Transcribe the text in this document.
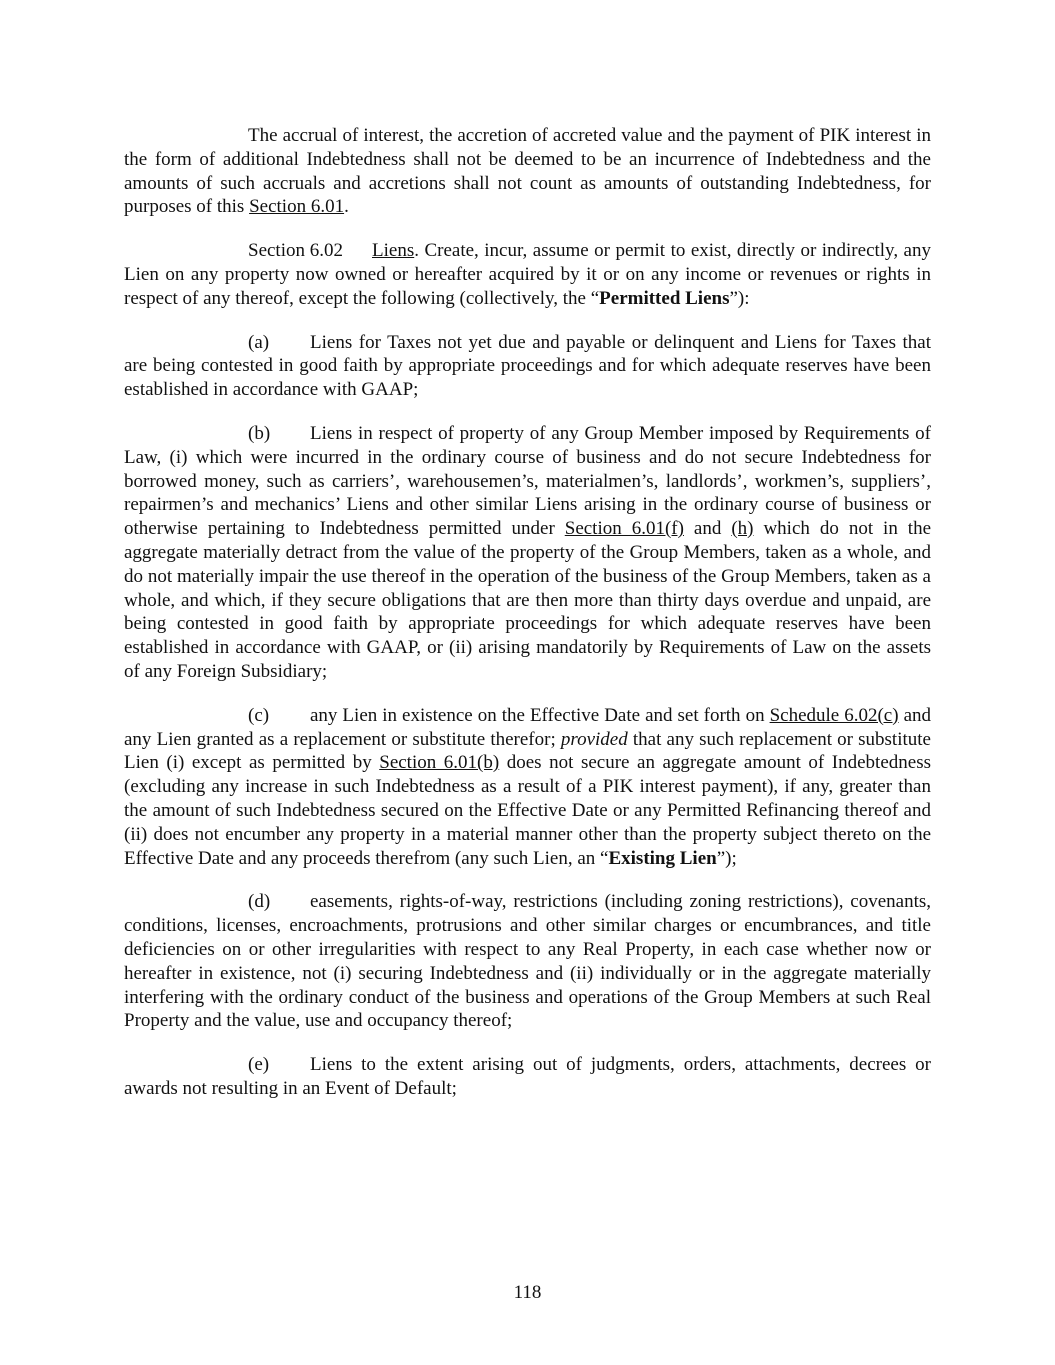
The accrual of interest, the accretion of accreted value and the payment of PIK interest in the form of additional Indebtedness shall not be deemed to be an incurrence of Indebtedness and the amounts of such accruals and accretions shall not count as amounts of outstanding Indebtedness, for purposes of this Section 6.01.

Section 6.02 Liens. Create, incur, assume or permit to exist, directly or indirectly, any Lien on any property now owned or hereafter acquired by it or on any income or revenues or rights in respect of any thereof, except the following (collectively, the “Permitted Liens”):

(a) Liens for Taxes not yet due and payable or delinquent and Liens for Taxes that are being contested in good faith by appropriate proceedings and for which adequate reserves have been established in accordance with GAAP;

(b) Liens in respect of property of any Group Member imposed by Requirements of Law, (i) which were incurred in the ordinary course of business and do not secure Indebtedness for borrowed money, such as carriers’, warehousemen’s, materialmen’s, landlords’, workmen’s, suppliers’, repairmen’s and mechanics’ Liens and other similar Liens arising in the ordinary course of business or otherwise pertaining to Indebtedness permitted under Section 6.01(f) and (h) which do not in the aggregate materially detract from the value of the property of the Group Members, taken as a whole, and do not materially impair the use thereof in the operation of the business of the Group Members, taken as a whole, and which, if they secure obligations that are then more than thirty days overdue and unpaid, are being contested in good faith by appropriate proceedings for which adequate reserves have been established in accordance with GAAP, or (ii) arising mandatorily by Requirements of Law on the assets of any Foreign Subsidiary;

(c) any Lien in existence on the Effective Date and set forth on Schedule 6.02(c) and any Lien granted as a replacement or substitute therefor; provided that any such replacement or substitute Lien (i) except as permitted by Section 6.01(b) does not secure an aggregate amount of Indebtedness (excluding any increase in such Indebtedness as a result of a PIK interest payment), if any, greater than the amount of such Indebtedness secured on the Effective Date or any Permitted Refinancing thereof and (ii) does not encumber any property in a material manner other than the property subject thereto on the Effective Date and any proceeds therefrom (any such Lien, an “Existing Lien”);

(d) easements, rights-of-way, restrictions (including zoning restrictions), covenants, conditions, licenses, encroachments, protrusions and other similar charges or encumbrances, and title deficiencies on or other irregularities with respect to any Real Property, in each case whether now or hereafter in existence, not (i) securing Indebtedness and (ii) individually or in the aggregate materially interfering with the ordinary conduct of the business and operations of the Group Members at such Real Property and the value, use and occupancy thereof;

(e) Liens to the extent arising out of judgments, orders, attachments, decrees or awards not resulting in an Event of Default;

118
